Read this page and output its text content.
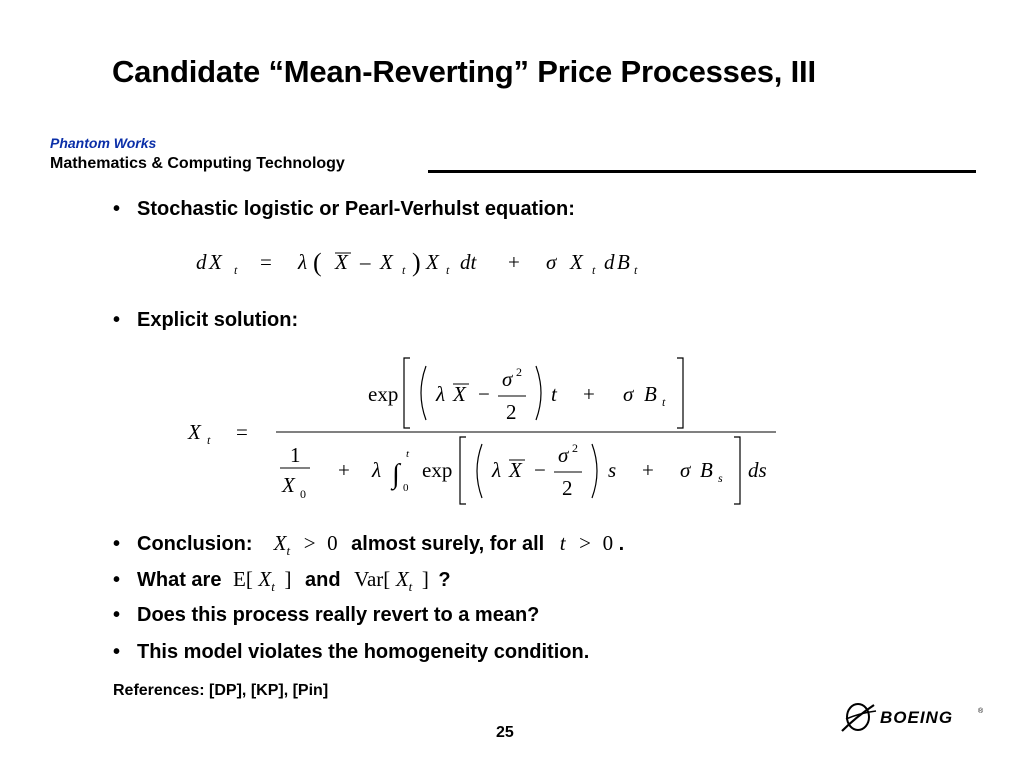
Candidate “Mean-Reverting” Price Processes, III
Phantom Works
Mathematics & Computing Technology
• Stochastic logistic or Pearl-Verhulst equation:
d X t = λ ( X – X t ) X t dt + σ X t d B t
• Explicit solution:
X t =
exp λ X −
σ 2
2
t + σ B t
1
X 0
+ λ ∫
t
0
exp λ X −
σ 2
2
s + σ B s ds
• Conclusion: $X_t > 0$ almost surely, for all t > 0 .
• What are E[ $X_t$ ] and Var[ $X_t$ ] ?
• Does this process really revert to a mean?
• This model violates the homogeneity condition.
References: [DP], [KP], [Pin]
25
BOEING	®
